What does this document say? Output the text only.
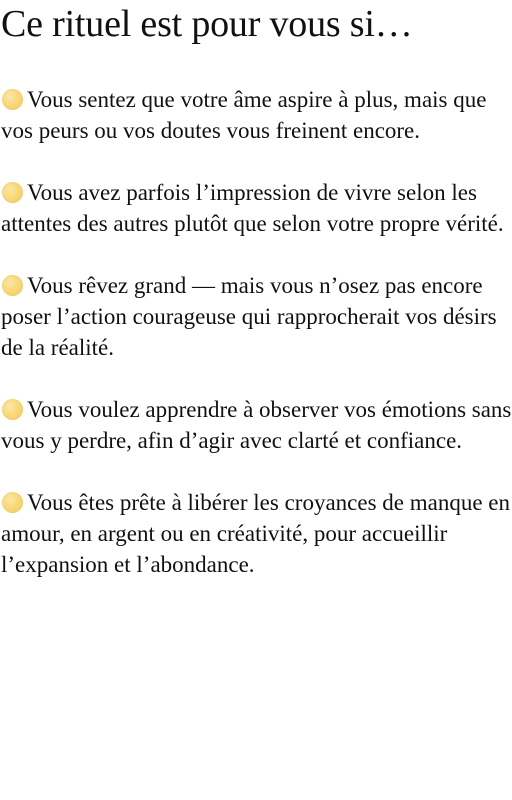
Ce rituel est pour vous si…
Vous sentez que votre âme aspire à plus, mais que vos peurs ou vos doutes vous freinent encore.
Vous avez parfois l’impression de vivre selon les attentes des autres plutôt que selon votre propre vérité.
Vous rêvez grand — mais vous n’osez pas encore poser l’action courageuse qui rapprocherait vos désirs de la réalité.
Vous voulez apprendre à observer vos émotions sans vous y perdre, afin d’agir avec clarté et confiance.
Vous êtes prête à libérer les croyances de manque en amour, en argent ou en créativité, pour accueillir l’expansion et l’abondance.
